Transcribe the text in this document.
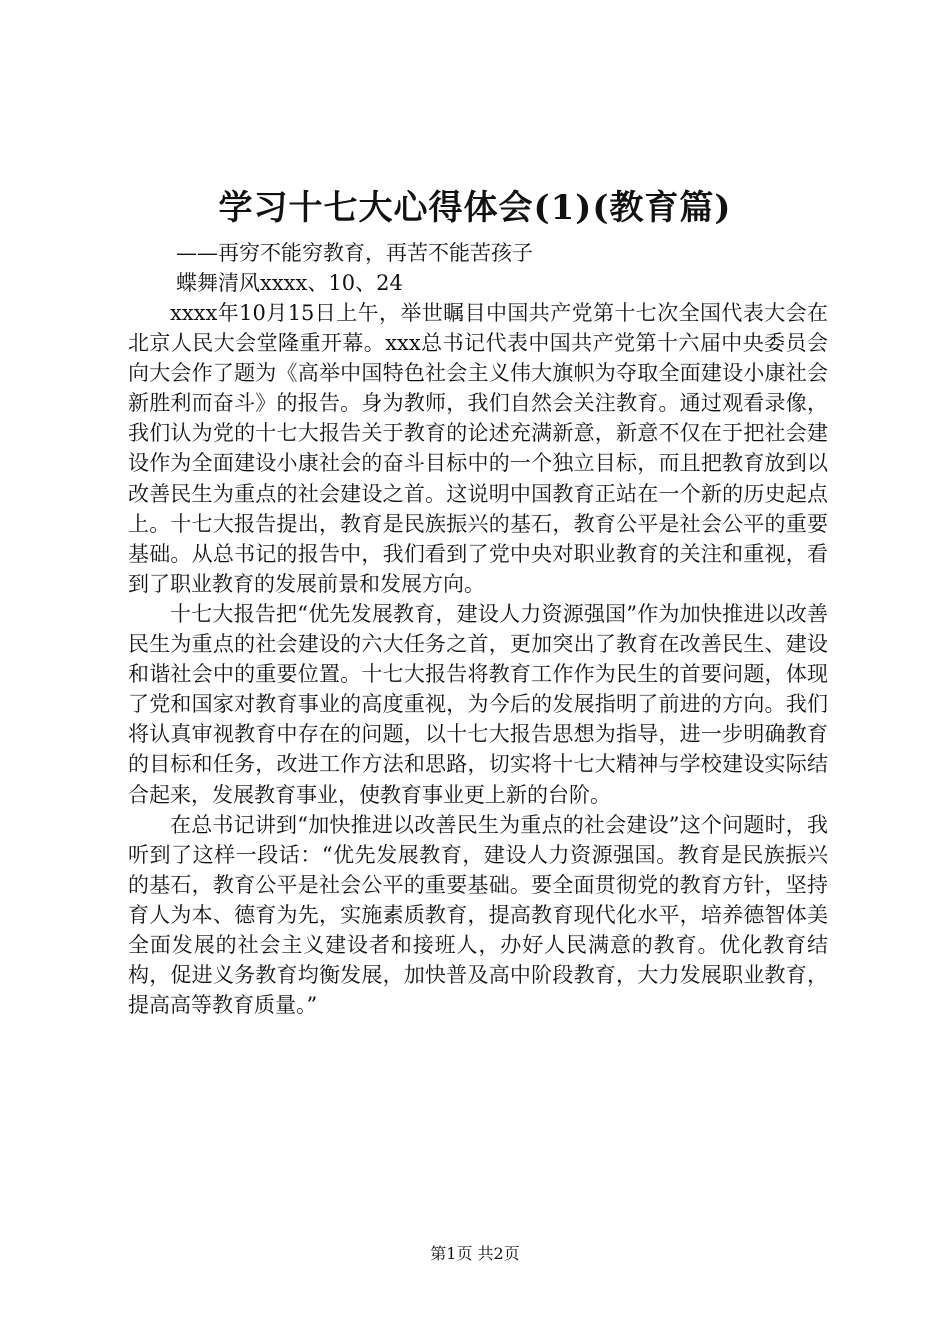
学习十七大心得体会(1)(教育篇)
——再穷不能穷教育，再苦不能苦孩子
蝶舞清风xxxx、10、24

xxxx年10月15日上午，举世瞩目中国共产党第十七次全国代表大会在北京人民大会堂隆重开幕。xxx总书记代表中国共产党第十六届中央委员会向大会作了题为《高举中国特色社会主义伟大旗帜为夺取全面建设小康社会新胜利而奋斗》的报告。身为教师，我们自然会关注教育。通过观看录像，我们认为党的十七大报告关于教育的论述充满新意，新意不仅在于把社会建设作为全面建设小康社会的奋斗目标中的一个独立目标，而且把教育放到以改善民生为重点的社会建设之首。这说明中国教育正站在一个新的历史起点上。十七大报告提出，教育是民族振兴的基石，教育公平是社会公平的重要基础。从总书记的报告中，我们看到了党中央对职业教育的关注和重视，看到了职业教育的发展前景和发展方向。

十七大报告把“优先发展教育，建设人力资源强国”作为加快推进以改善民生为重点的社会建设的六大任务之首，更加突出了教育在改善民生、建设和谐社会中的重要位置。十七大报告将教育工作作为民生的首要问题，体现了党和国家对教育事业的高度重视，为今后的发展指明了前进的方向。我们将认真审视教育中存在的问题，以十七大报告思想为指导，进一步明确教育的目标和任务，改进工作方法和思路，切实将十七大精神与学校建设实际结合起来，发展教育事业，使教育事业更上新的台阶。

在总书记讲到“加快推进以改善民生为重点的社会建设”这个问题时，我听到了这样一段话：“优先发展教育，建设人力资源强国。教育是民族振兴的基石，教育公平是社会公平的重要基础。要全面贯彻党的教育方针，坚持育人为本、德育为先，实施素质教育，提高教育现代化水平，培养德智体美全面发展的社会主义建设者和接班人，办好人民满意的教育。优化教育结构，促进义务教育均衡发展，加快普及高中阶段教育，大力发展职业教育，提高高等教育质量。”

第1页 共2页
